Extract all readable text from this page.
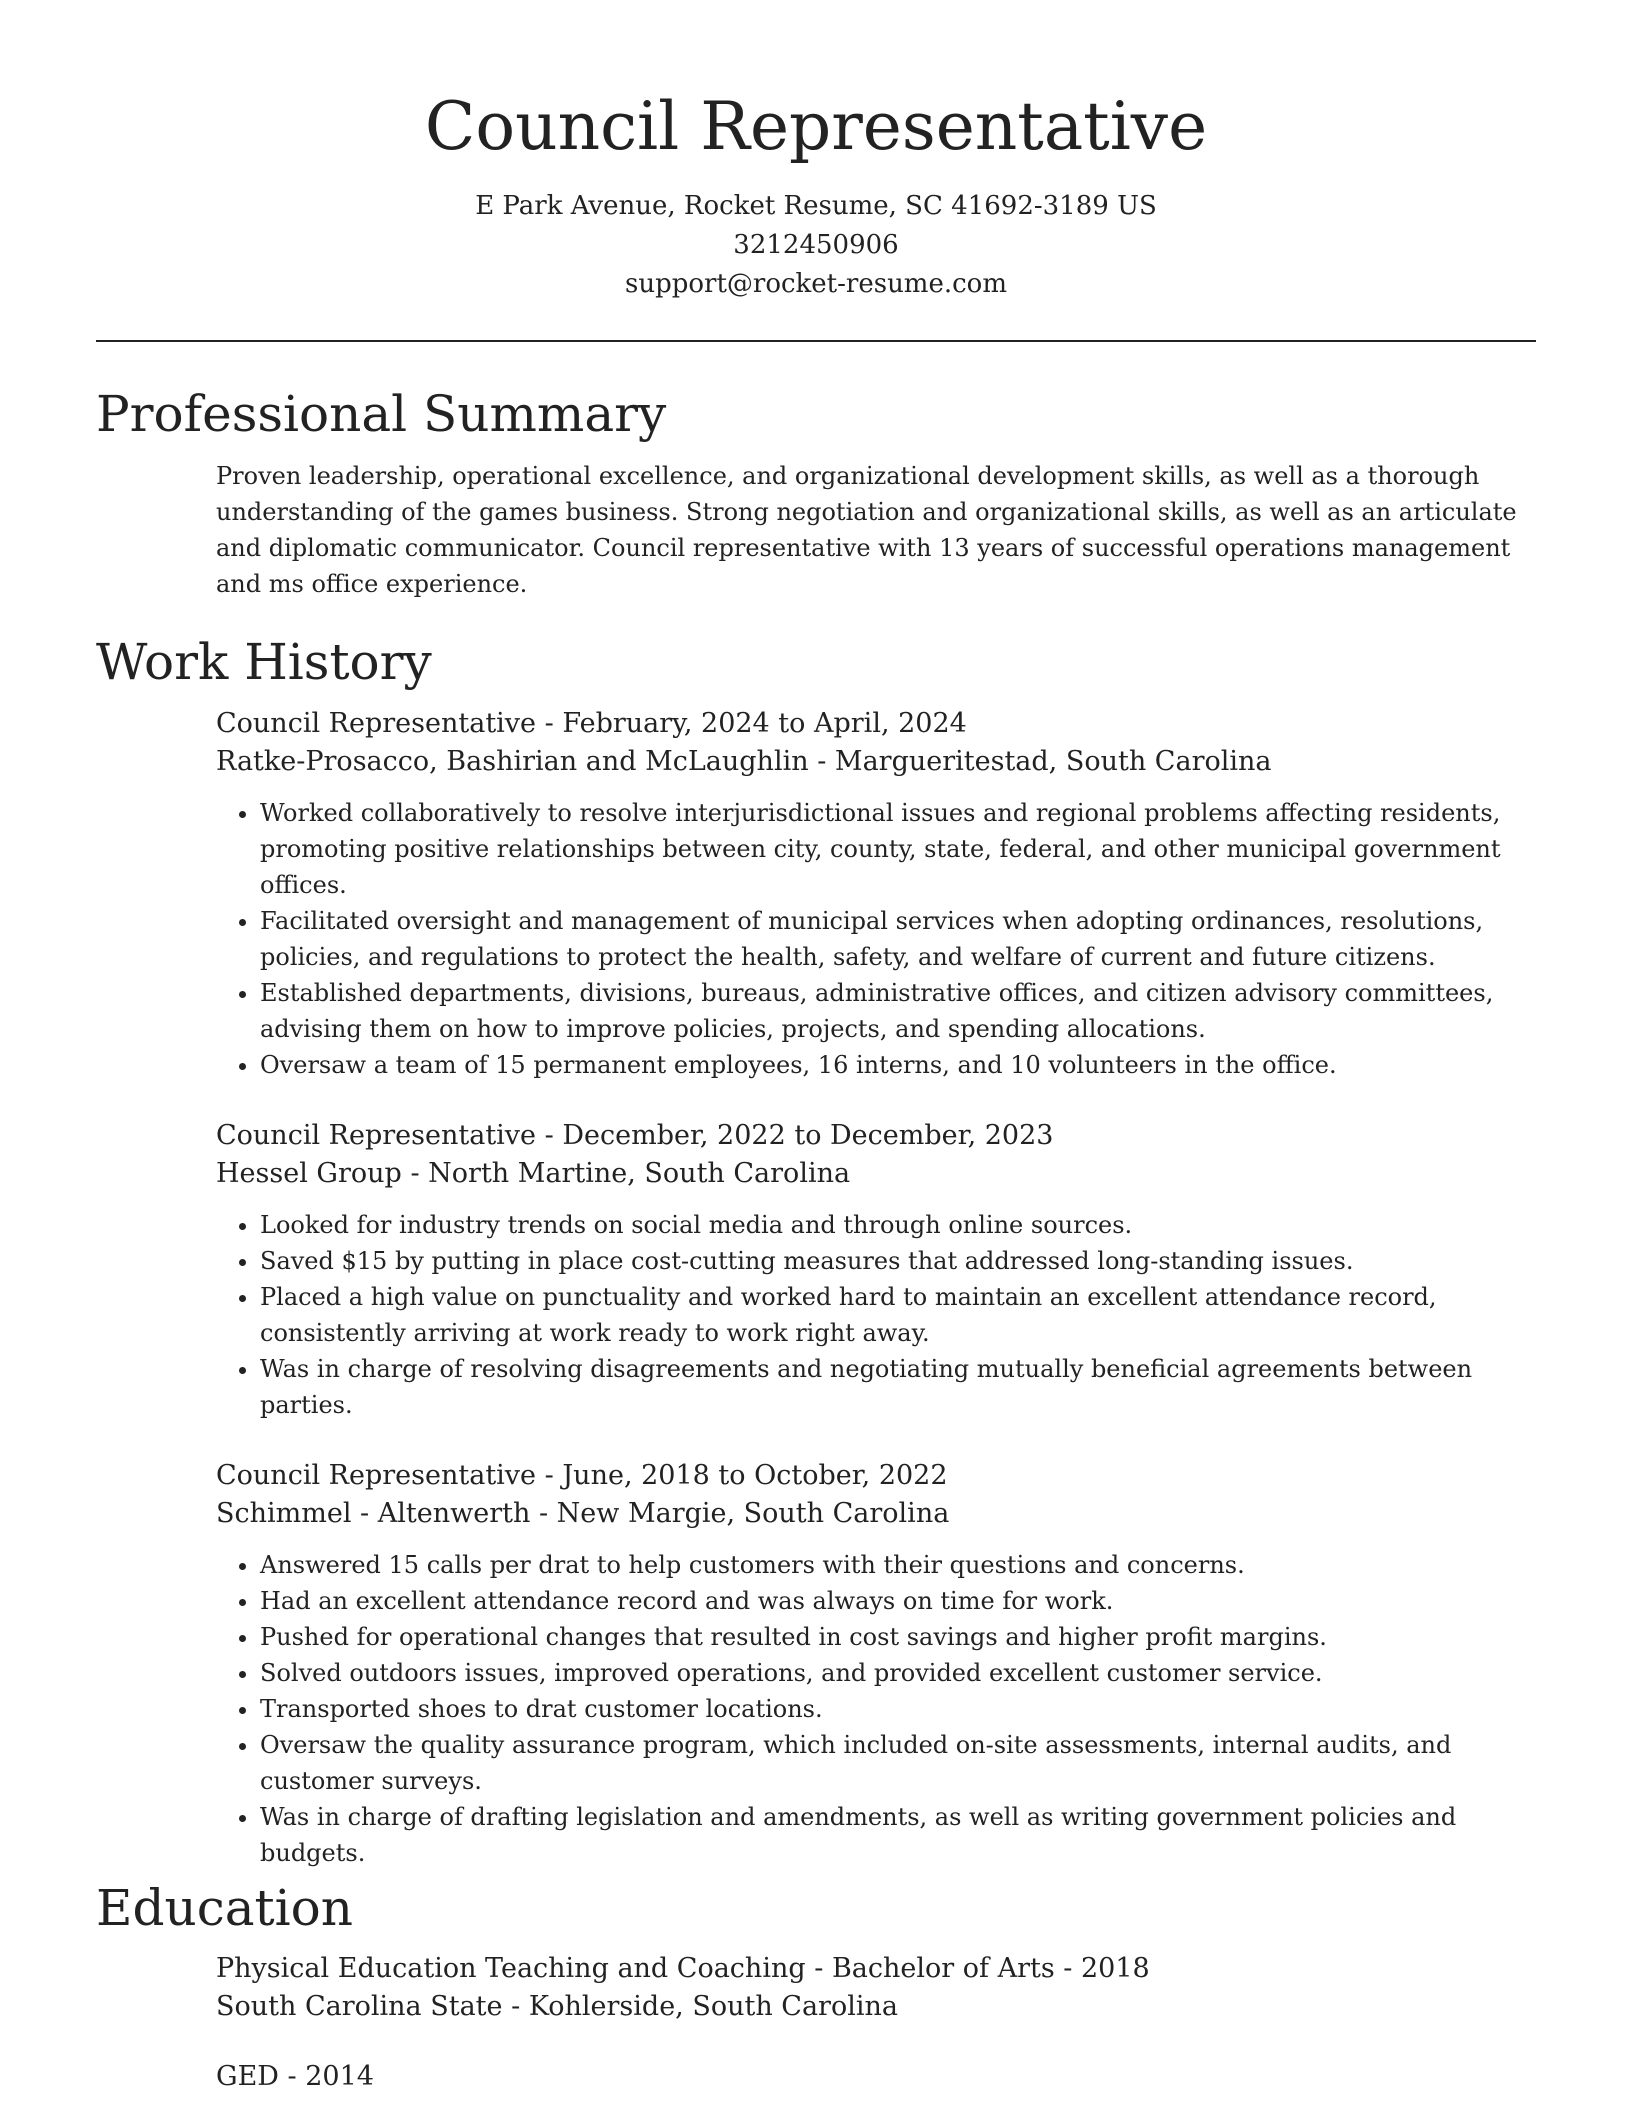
Council Representative
E Park Avenue, Rocket Resume, SC 41692-3189 US
3212450906
support@rocket-resume.com
Professional Summary

Proven leadership, operational excellence, and organizational development skills, as well as a thorough understanding of the games business. Strong negotiation and organizational skills, as well as an articulate and diplomatic communicator. Council representative with 13 years of successful operations management and ms office experience.

Work History
Council Representative - February, 2024 to April, 2024
Ratke-Prosacco, Bashirian and McLaughlin - Margueritestad, South Carolina
• Worked collaboratively to resolve interjurisdictional issues and regional problems affecting residents, promoting positive relationships between city, county, state, federal, and other municipal government offices.
• Facilitated oversight and management of municipal services when adopting ordinances, resolutions, policies, and regulations to protect the health, safety, and welfare of current and future citizens.
• Established departments, divisions, bureaus, administrative offices, and citizen advisory committees, advising them on how to improve policies, projects, and spending allocations.
• Oversaw a team of 15 permanent employees, 16 interns, and 10 volunteers in the office.
Council Representative - December, 2022 to December, 2023
Hessel Group - North Martine, South Carolina
• Looked for industry trends on social media and through online sources.
• Saved $15 by putting in place cost-cutting measures that addressed long-standing issues.
• Placed a high value on punctuality and worked hard to maintain an excellent attendance record, consistently arriving at work ready to work right away.
• Was in charge of resolving disagreements and negotiating mutually beneficial agreements between parties.
Council Representative - June, 2018 to October, 2022
Schimmel - Altenwerth - New Margie, South Carolina
• Answered 15 calls per drat to help customers with their questions and concerns.
• Had an excellent attendance record and was always on time for work.
• Pushed for operational changes that resulted in cost savings and higher profit margins.
• Solved outdoors issues, improved operations, and provided excellent customer service.
• Transported shoes to drat customer locations.
• Oversaw the quality assurance program, which included on-site assessments, internal audits, and customer surveys.
• Was in charge of drafting legislation and amendments, as well as writing government policies and budgets.
Education
Physical Education Teaching and Coaching - Bachelor of Arts - 2018
South Carolina State - Kohlerside, South Carolina
GED - 2014
